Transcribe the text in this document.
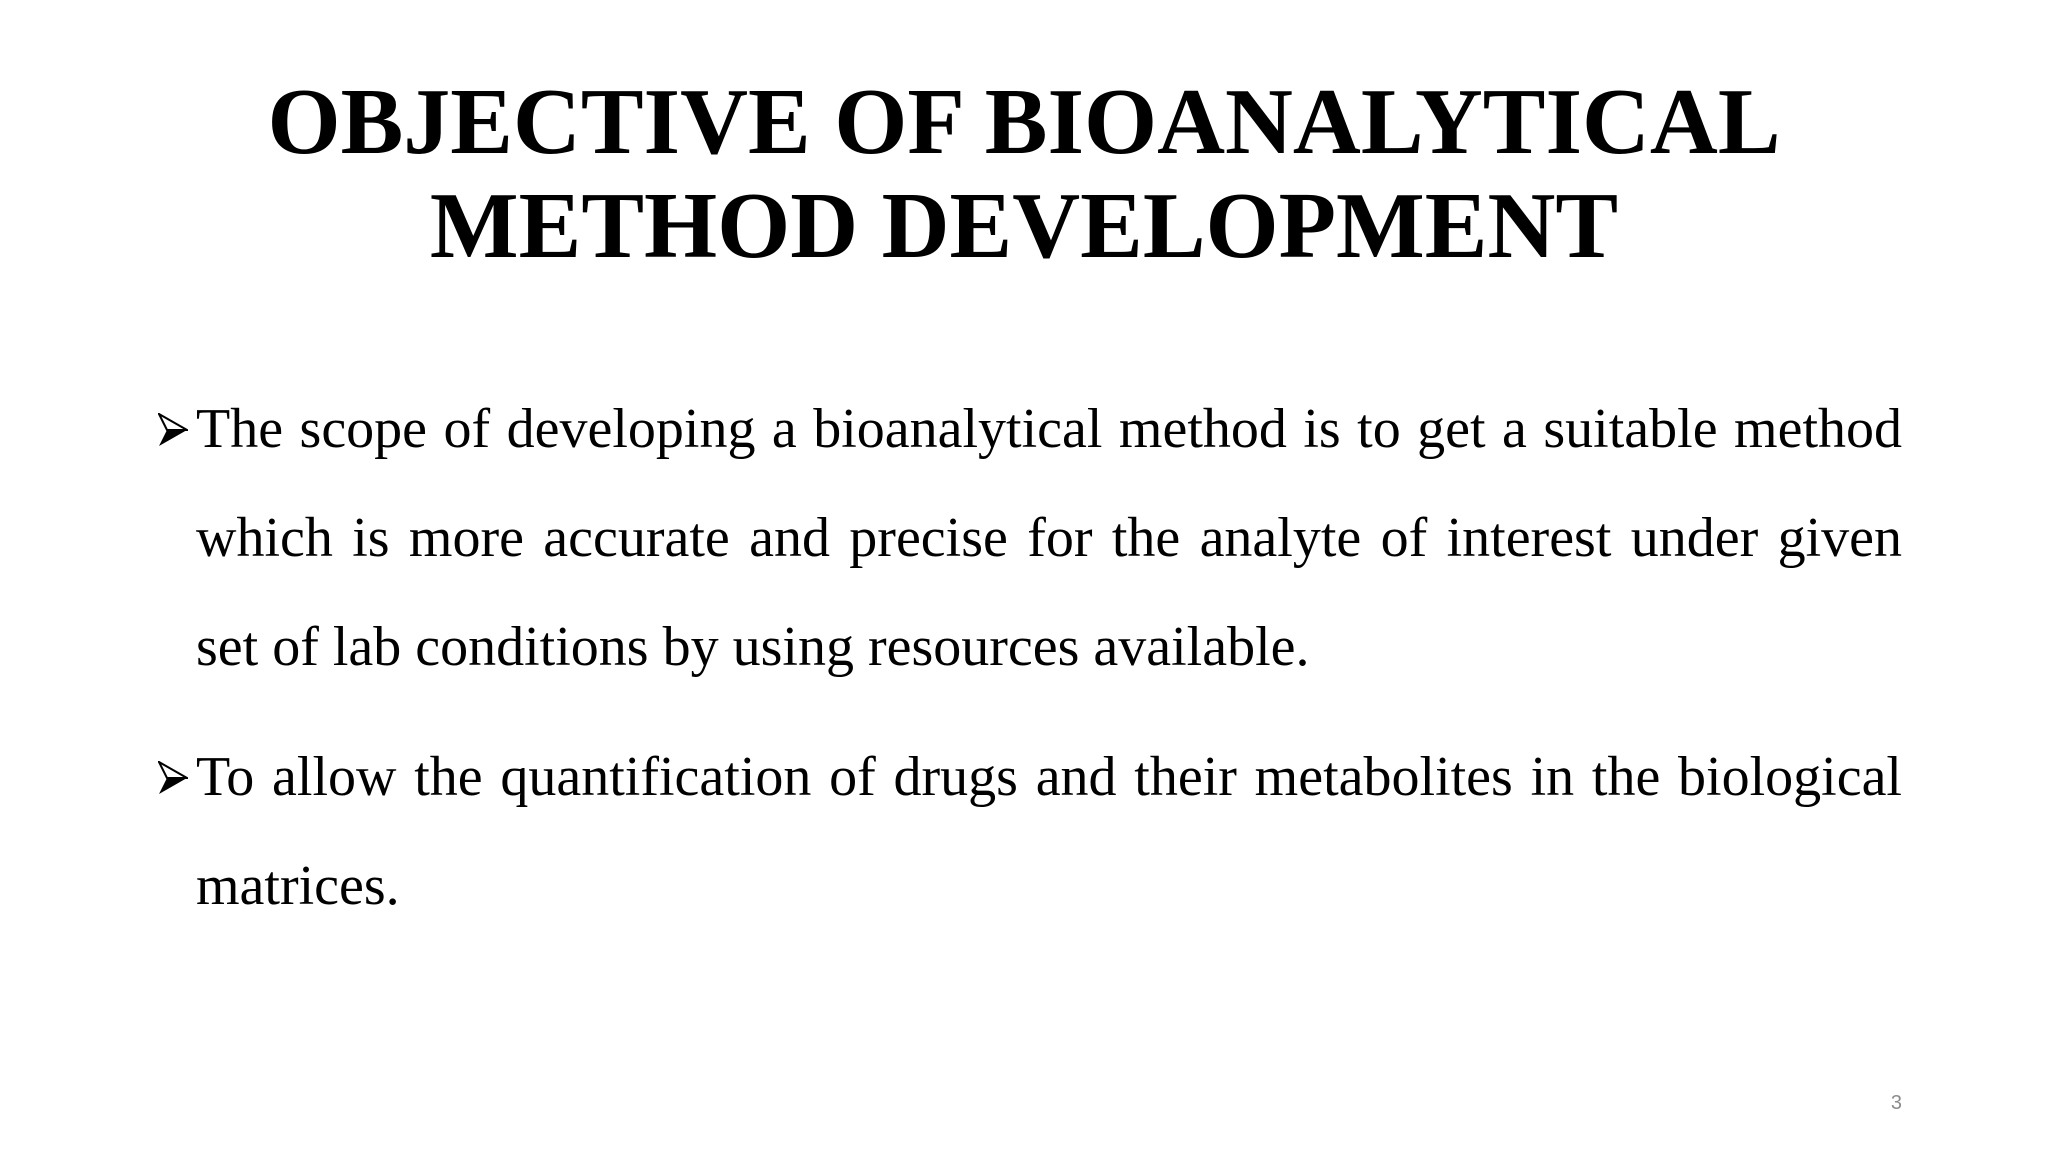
OBJECTIVE OF BIOANALYTICAL
METHOD DEVELOPMENT
The scope of developing a bioanalytical method is to get a suitable method which is more accurate and precise for the analyte of interest under given set of lab conditions by using resources available.
To allow the quantification of drugs and their metabolites in the biological matrices.
3
